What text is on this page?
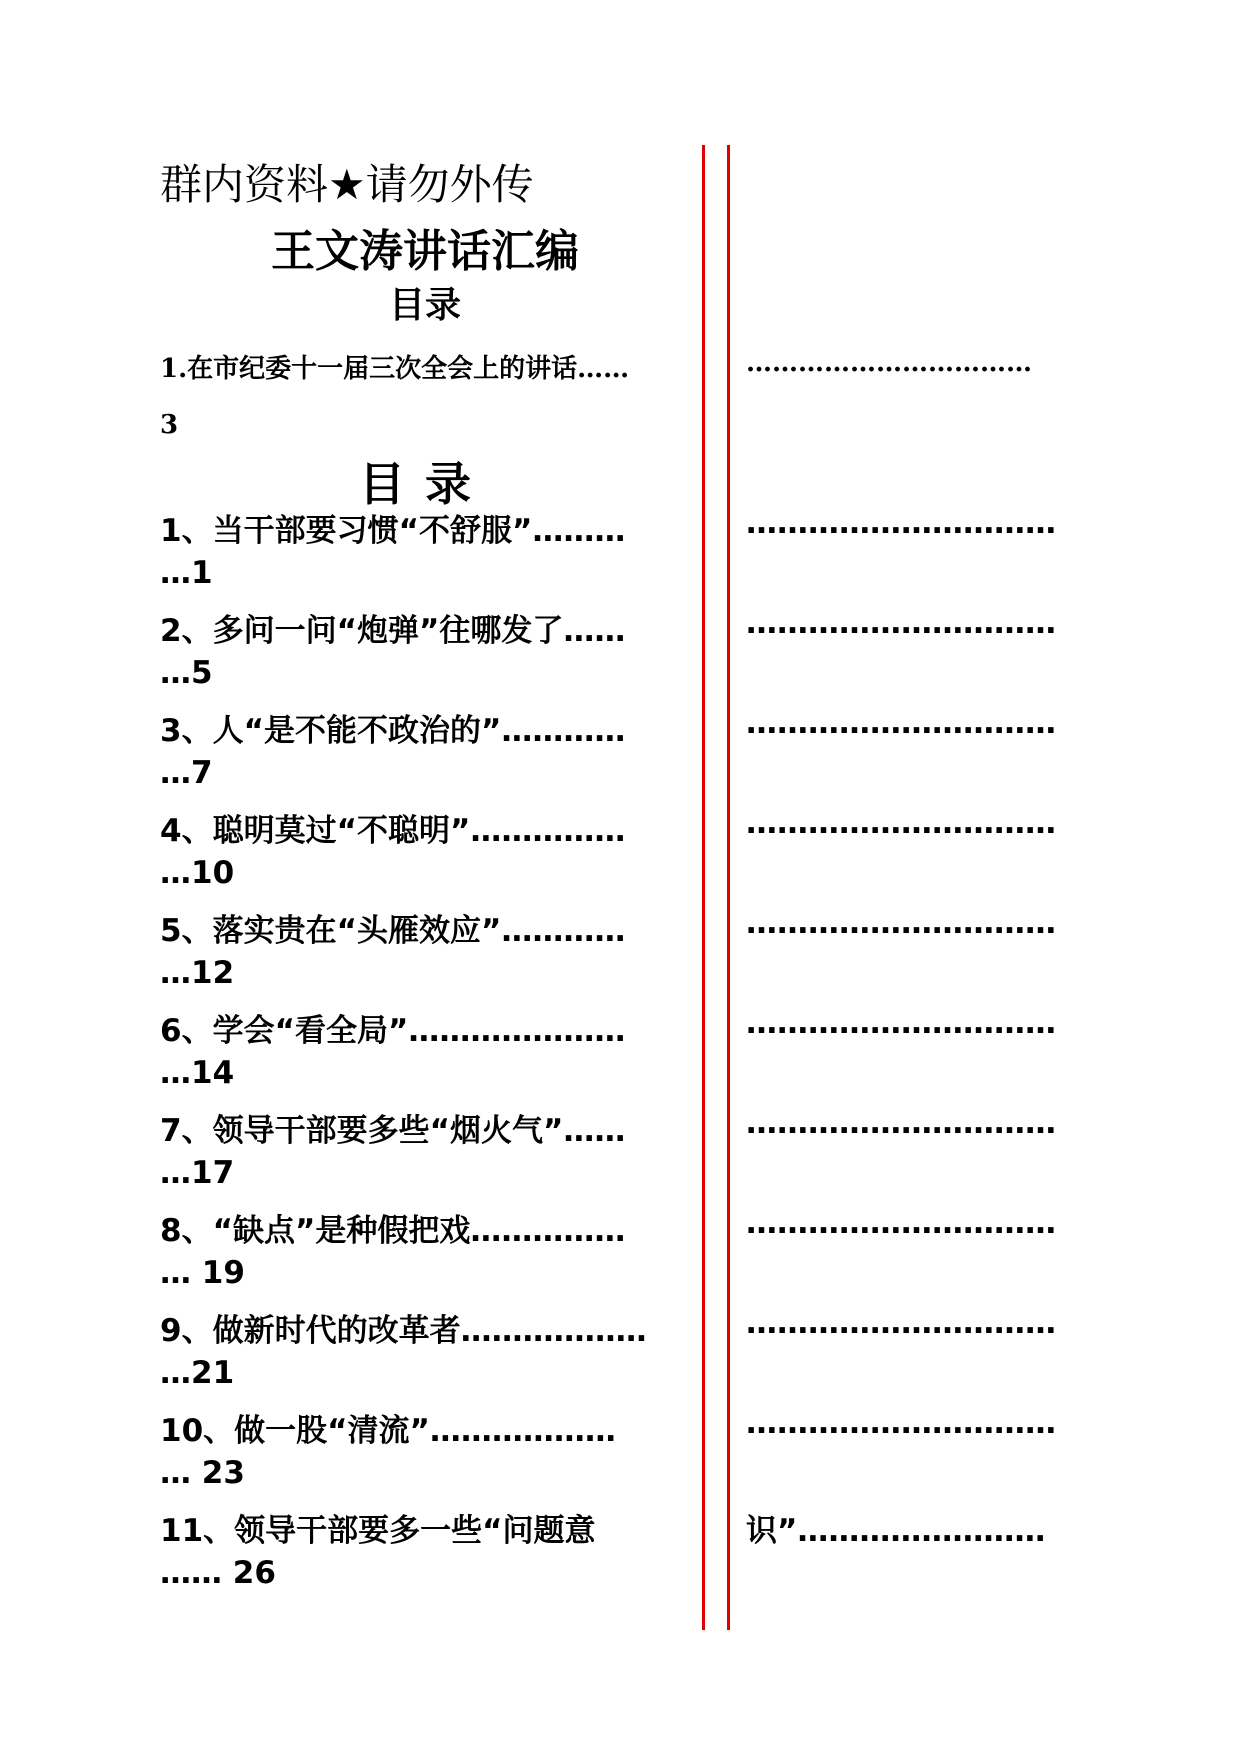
群内资料★请勿外传
王文涛讲话汇编
目录
1.在市纪委十一届三次全会上的讲话……	……………………………
3
目录
1、当干部要习惯“不舒服”………	…………………………
…1
2、多问一问“炮弹”往哪发了……	…………………………
…5
3、人“是不能不政治的”…………	…………………………
…7
4、聪明莫过“不聪明”……………	…………………………
…10
5、落实贵在“头雁效应”…………	…………………………
…12
6、学会“看全局”…………………	…………………………
…14
7、领导干部要多些“烟火气”……	…………………………
…17
8、“缺点”是种假把戏……………	…………………………
… 19
9、做新时代的改革者………………	…………………………
…21
10、做一股“清流”………………	…………………………
… 23
11、领导干部要多一些“问题意	识”……………………
…… 26
